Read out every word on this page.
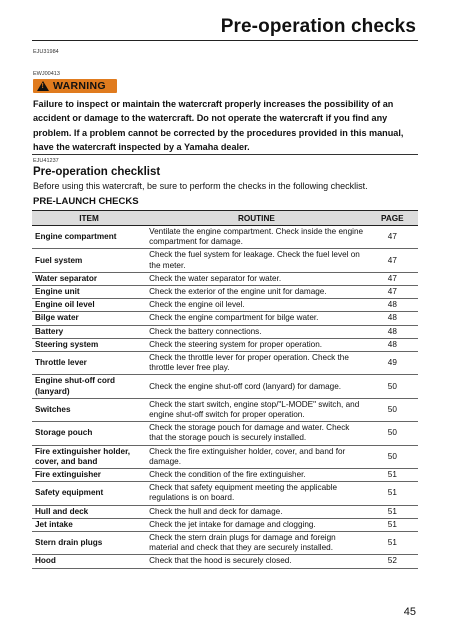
Pre-operation checks
EJU31984
EWJ00413
! WARNING
Failure to inspect or maintain the watercraft properly increases the possibility of an accident or damage to the watercraft. Do not operate the watercraft if you find any problem. If a problem cannot be corrected by the procedures provided in this manual, have the watercraft inspected by a Yamaha dealer.
EJU41237
Pre-operation checklist
Before using this watercraft, be sure to perform the checks in the following checklist.
PRE-LAUNCH CHECKS
ITEM	ROUTINE	PAGE
Engine compartment	Ventilate the engine compartment. Check inside the engine compartment for damage.	47
Fuel system	Check the fuel system for leakage. Check the fuel level on the meter.	47
Water separator	Check the water separator for water.	47
Engine unit	Check the exterior of the engine unit for damage.	47
Engine oil level	Check the engine oil level.	48
Bilge water	Check the engine compartment for bilge water.	48
Battery	Check the battery connections.	48
Steering system	Check the steering system for proper operation.	48
Throttle lever	Check the throttle lever for proper operation. Check the throttle lever free play.	49
Engine shut-off cord (lanyard)	Check the engine shut-off cord (lanyard) for damage.	50
Switches	Check the start switch, engine stop/"L-MODE" switch, and engine shut-off switch for proper operation.	50
Storage pouch	Check the storage pouch for damage and water. Check that the storage pouch is securely installed.	50
Fire extinguisher holder, cover, and band	Check the fire extinguisher holder, cover, and band for damage.	50
Fire extinguisher	Check the condition of the fire extinguisher.	51
Safety equipment	Check that safety equipment meeting the applicable regulations is on board.	51
Hull and deck	Check the hull and deck for damage.	51
Jet intake	Check the jet intake for damage and clogging.	51
Stern drain plugs	Check the stern drain plugs for damage and foreign material and check that they are securely installed.	51
Hood	Check that the hood is securely closed.	52
45
